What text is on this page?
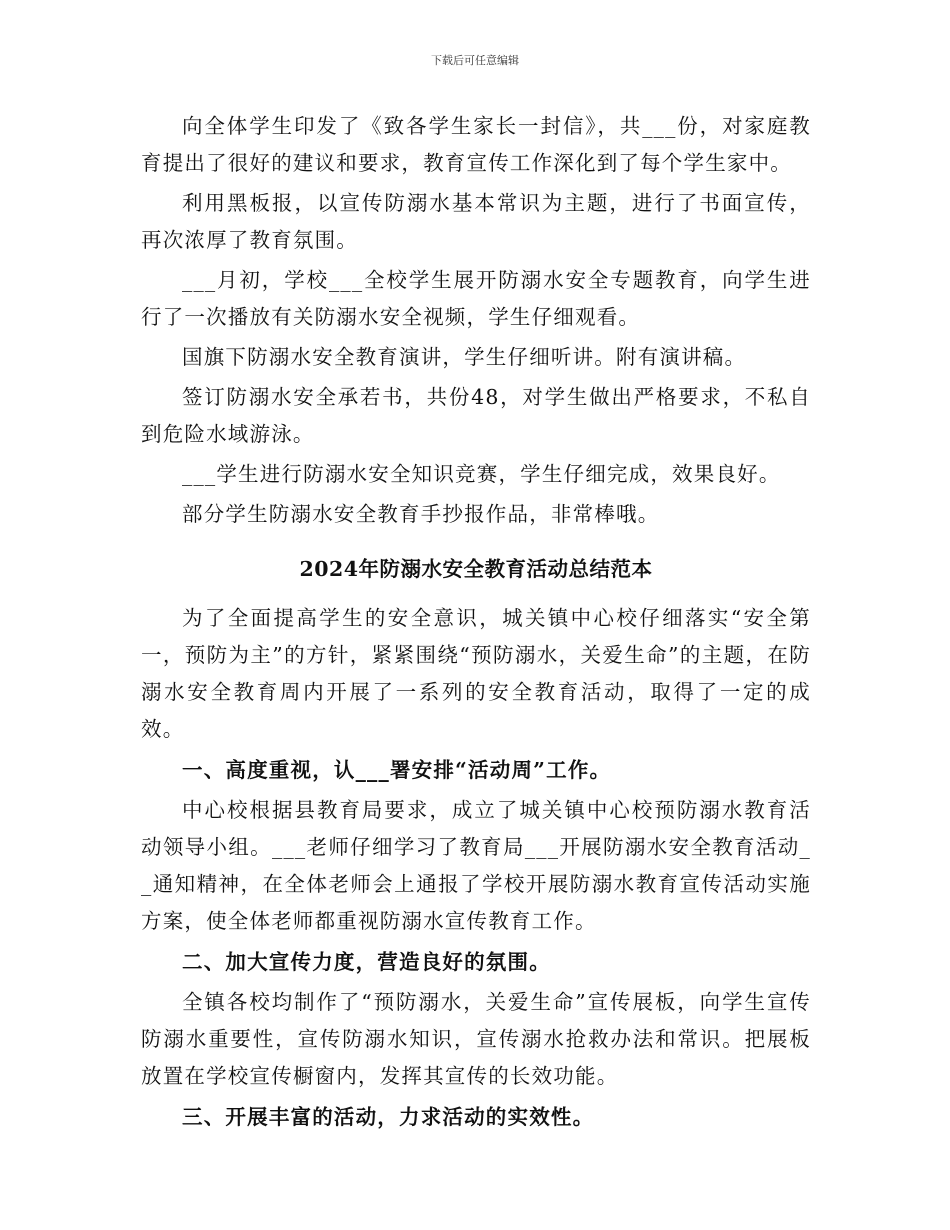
下载后可任意编辑

向全体学生印发了《致各学生家长一封信》，共___份，对家庭教育提出了很好的建议和要求，教育宣传工作深化到了每个学生家中。

利用黑板报，以宣传防溺水基本常识为主题，进行了书面宣传，再次浓厚了教育氛围。

___月初，学校___全校学生展开防溺水安全专题教育，向学生进行了一次播放有关防溺水安全视频，学生仔细观看。

国旗下防溺水安全教育演讲，学生仔细听讲。附有演讲稿。

签订防溺水安全承若书，共份48，对学生做出严格要求，不私自到危险水域游泳。

___学生进行防溺水安全知识竞赛，学生仔细完成，效果良好。

部分学生防溺水安全教育手抄报作品，非常棒哦。

2024年防溺水安全教育活动总结范本

为了全面提高学生的安全意识，城关镇中心校仔细落实“安全第一，预防为主”的方针，紧紧围绕“预防溺水，关爱生命”的主题，在防溺水安全教育周内开展了一系列的安全教育活动，取得了一定的成效。

一、高度重视，认___署安排“活动周”工作。

中心校根据县教育局要求，成立了城关镇中心校预防溺水教育活动领导小组。___老师仔细学习了教育局___开展防溺水安全教育活动__通知精神，在全体老师会上通报了学校开展防溺水教育宣传活动实施方案，使全体老师都重视防溺水宣传教育工作。

二、加大宣传力度，营造良好的氛围。

全镇各校均制作了“预防溺水，关爱生命”宣传展板，向学生宣传防溺水重要性，宣传防溺水知识，宣传溺水抢救办法和常识。把展板放置在学校宣传橱窗内，发挥其宣传的长效功能。

三、开展丰富的活动，力求活动的实效性。
